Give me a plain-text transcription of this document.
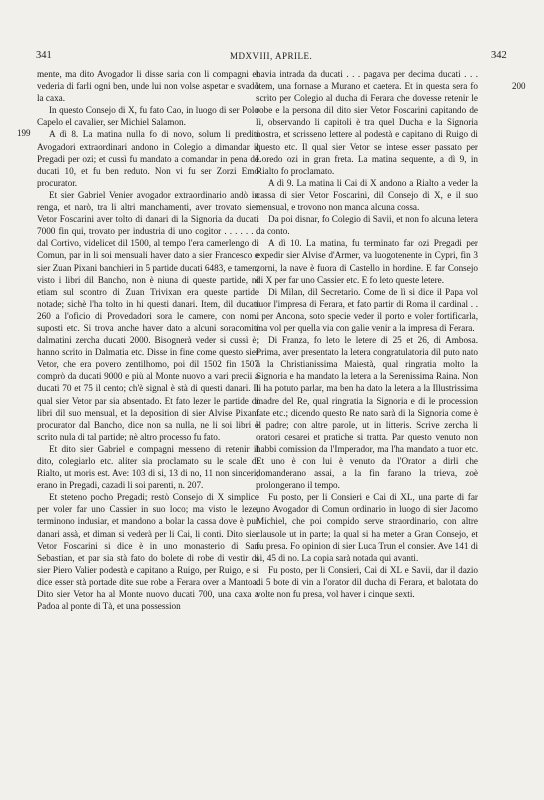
341	MDXVIII, APRILE.	342
199
200

mente, ma dito Avogador li disse saria con li compagni et vederia di farli ogni ben, unde lui non volse aspetar e svadò la caxa.

In questo Consejo di X, fu fato Cao, in luogo di ser Polo Capelo el cavalier, ser Michiel Salamon.

A dì 8. La matina nulla fo di novo, solum li prediti Avogadori extraordinari andono in Colegio a dimandar il Pregadi per ozi; et cussì fu mandato a comandar in pena de ducati 10, et fu ben reduto. Non vi fu ser Zorzi Emo procurator.

Et sier Gabriel Venier avogador extraordinario andò in renga, et narò, tra li altri manchamenti, aver trovato sier Vetor Foscarini aver tolto di danari di la Signoria da ducati 7000 fin qui, trovato per industria di uno cogitor . . . . . . . dal Cortivo, videlicet dil 1500, al tempo l'era camerlengo di Comun, par in li soi mensuali haver dato a sier Francesco e sier Zuan Pixani banchieri in 5 partide ducati 6483, e tamen, visto i libri dil Bancho, non è niuna di queste partide, ni etiam sul scontro di Zuan Trivixan era queste partide notade; sichè l'ha tolto in hi questi danari. Item, dil ducati 260 a l'oficio di Provedadori sora le camere, con nomi suposti etc. Si trova anche haver dato a alcuni soracomiti dalmatini zercha ducati 2000. Bisognerà veder si cussì è; hanno scrito in Dalmatia etc. Disse in fine come questo sier Vetor, che era povero zentilhomo, poi dil 1502 fin 1507 comprò da ducati 9000 e più al Monte nuovo a vari precii a ducati 70 et 75 il cento; ch'è signal è stà di questi danari. Il qual sier Vetor par sia absentado. Et fato lezer le partide di libri dil suo mensual, et la deposition di sier Alvise Pixani procurator dal Bancho, dice non sa nulla, ne li soi libri è scrito nula di tal partide; nè altro processo fu fato.

Et dito sier Gabriel e compagni messeno di retenir il dito, colegiarlo etc. aliter sia proclamato su le scale di Rialto, ut moris est. Ave: 103 di si, 13 di no, 11 non sinceri; erano in Pregadi, cazadi li soi parenti, n. 207.

Et steteno pocho Pregadi; restò Consejo di X simplice per voler far uno Cassier in suo loco; ma visto le leze, terminono indusiar, et mandono a bolar la cassa dove è pur danari assà, et diman si vederà per li Cai, li conti. Dito sier Vetor Foscarini si dice è in uno monasterio di San Sebastian, et par sia stà fato do bolete di robe di vestir di sier Piero Valier podestà e capitano a Ruigo, per Ruigo, e si dice esser stà portade dite sue robe a Ferara over a Mantoa. Dito sier Vetor ha al Monte nuovo ducati 700, una caxa a Padoa al ponte di Tà, et una possession

havia intrada da ducati . . . pagava per decima ducati . . . item, una fornase a Murano et caetera. Et in questa sera fo scrito per Colegio al ducha di Ferara che dovesse retenir le robe e la persona dil dito sier Vetor Foscarini capitando de lì, observando li capitoli è tra quel Ducha e la Signoria nostra, et scrisseno lettere al podestà e capitano di Ruigo di questo etc. Il qual sier Vetor se intese esser passato per Loredo ozi in gran freta. La matina sequente, a dì 9, in Rialto fo proclamato.

A dì 9. La matina li Cai di X andono a Rialto a veder la cassa di sier Vetor Foscarini, dil Consejo di X, e il suo mensual, e trovono non manca alcuna cossa.

Da poi disnar, fo Colegio di Savii, et non fo alcuna letera da conto.

A dì 10. La matina, fu terminato far ozi Pregadi per expedir sier Alvise d'Armer, va luogotenente in Cypri, fin 3 zorni, la nave è fuora di Castello in hordine. E far Consejo di X per far uno Cassier etc. E fo leto queste letere.

Di Milan, dil Secretario. Come de lì si dice il Papa vol tuor l'impresa di Ferara, et fato partir di Roma il cardinal . . . per Ancona, soto specie veder il porto e voler fortificarla, ma vol per quella via con galie venir a la impresa di Ferara.

Di Franza, fo leto le letere di 25 et 26, di Ambosa. Prima, aver presentato la letera congratulatoria dil puto nato a la Christianissima Maiestà, qual ringratia molto la Signoria e ha mandato la letera a la Serenissima Raina. Non li ha potuto parlar, ma ben ha dato la letera a la Illustrissima madre del Re, qual ringratia la Signoria e di le procession fate etc.; dicendo questo Re nato sarà di la Signoria come è il padre; con altre parole, ut in litteris. Scrive zercha li oratori cesarei et pratiche si tratta. Par questo venuto non habbi comission da l'Imperador, ma l'ha mandato a tuor etc. Et uno è con lui è venuto da l'Orator a dirli che domanderano assai, a la fin farano la trieva, zoè prolongerano il tempo.

Fu posto, per li Consieri e Cai di XL, una parte di far uno Avogador di Comun ordinario in luogo di sier Jacomo Michiel, che poi compido serve straordinario, con altre clausole ut in parte; la qual si ha meter a Gran Consejo, et fu presa. Fo opinion di sier Luca Trun el consier. Ave 141 di si, 45 di no. La copia sarà notada qui avanti.

Fu posto, per li Consieri, Cai di XL e Savii, dar il dazio di 5 bote di vin a l'orator dil ducha di Ferara, et balotata do volte non fu presa, vol haver i cinque sexti.
